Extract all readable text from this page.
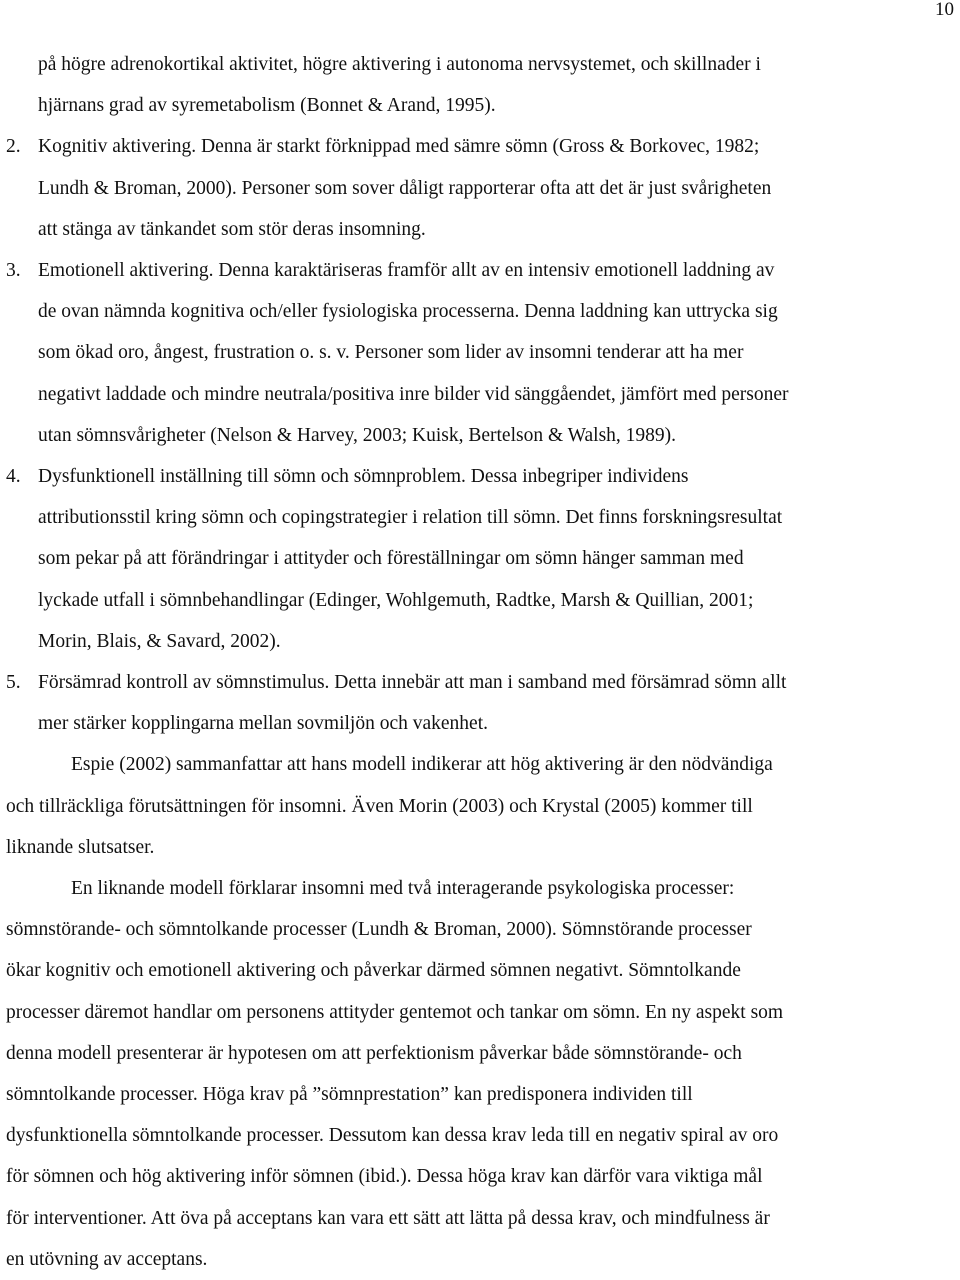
10

på högre adrenokortikal aktivitet, högre aktivering i autonoma nervsystemet, och skillnader i
hjärnans grad av syremetabolism (Bonnet & Arand, 1995).

2. Kognitiv aktivering. Denna är starkt förknippad med sämre sömn (Gross & Borkovec, 1982;
Lundh & Broman, 2000). Personer som sover dåligt rapporterar ofta att det är just svårigheten
att stänga av tänkandet som stör deras insomning.
3. Emotionell aktivering. Denna karaktäriseras framför allt av en intensiv emotionell laddning av
de ovan nämnda kognitiva och/eller fysiologiska processerna. Denna laddning kan uttrycka sig
som ökad oro, ångest, frustration o. s. v. Personer som lider av insomni tenderar att ha mer
negativt laddade och mindre neutrala/positiva inre bilder vid sänggåendet, jämfört med personer
utan sömnsvårigheter (Nelson & Harvey, 2003; Kuisk, Bertelson & Walsh, 1989).
4. Dysfunktionell inställning till sömn och sömnproblem. Dessa inbegriper individens
attributionsstil kring sömn och copingstrategier i relation till sömn. Det finns forskningsresultat
som pekar på att förändringar i attityder och föreställningar om sömn hänger samman med
lyckade utfall i sömnbehandlingar (Edinger, Wohlgemuth, Radtke, Marsh & Quillian, 2001;
Morin, Blais, & Savard, 2002).
5. Försämrad kontroll av sömnstimulus. Detta innebär att man i samband med försämrad sömn allt
mer stärker kopplingarna mellan sovmiljön och vakenhet.

Espie (2002) sammanfattar att hans modell indikerar att hög aktivering är den nödvändiga
och tillräckliga förutsättningen för insomni. Även Morin (2003) och Krystal (2005) kommer till
liknande slutsatser.

En liknande modell förklarar insomni med två interagerande psykologiska processer:
sömnstörande- och sömntolkande processer (Lundh & Broman, 2000). Sömnstörande processer
ökar kognitiv och emotionell aktivering och påverkar därmed sömnen negativt. Sömntolkande
processer däremot handlar om personens attityder gentemot och tankar om sömn. En ny aspekt som
denna modell presenterar är hypotesen om att perfektionism påverkar både sömnstörande- och
sömntolkande processer. Höga krav på ”sömnprestation” kan predisponera individen till
dysfunktionella sömntolkande processer. Dessutom kan dessa krav leda till en negativ spiral av oro
för sömnen och hög aktivering inför sömnen (ibid.). Dessa höga krav kan därför vara viktiga mål
för interventioner. Att öva på acceptans kan vara ett sätt att lätta på dessa krav, och mindfulness är
en utövning av acceptans.
